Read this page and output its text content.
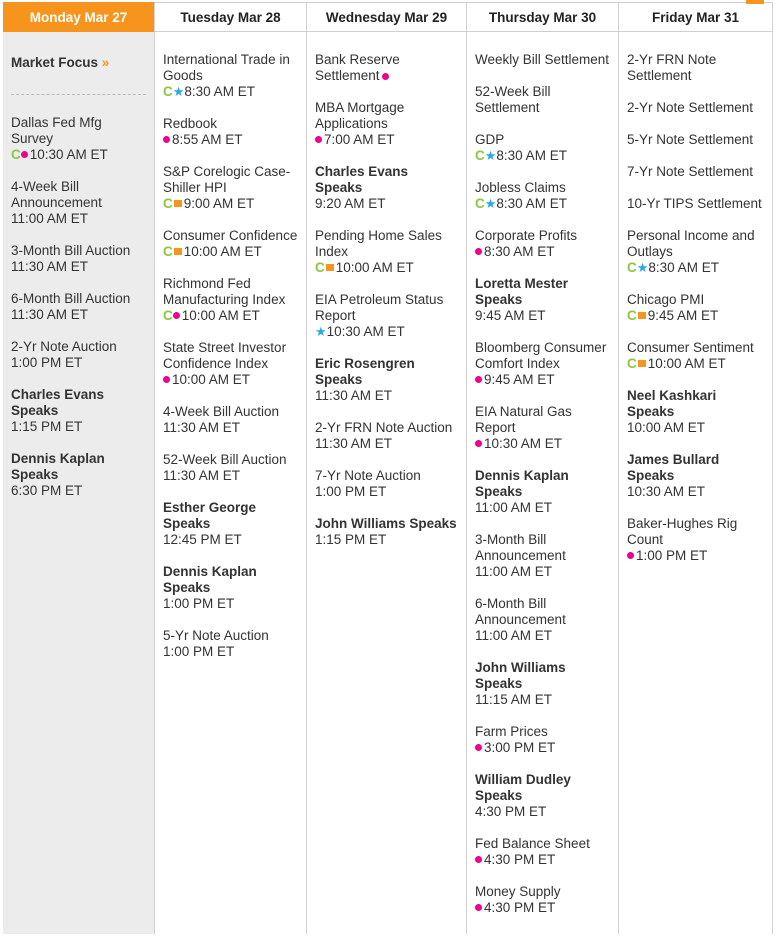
Monday Mar 27
Market Focus »
Dallas Fed Mfg Survey
C 10:30 AM ET
4-Week Bill Announcement
11:00 AM ET
3-Month Bill Auction
11:30 AM ET
6-Month Bill Auction
11:30 AM ET
2-Yr Note Auction
1:00 PM ET
Charles Evans Speaks
1:15 PM ET
Dennis Kaplan Speaks
6:30 PM ET
Tuesday Mar 28
International Trade in Goods
C★8:30 AM ET
Redbook
8:55 AM ET
S&P Corelogic Case-Shiller HPI
C 9:00 AM ET
Consumer Confidence
C 10:00 AM ET
Richmond Fed Manufacturing Index
C 10:00 AM ET
State Street Investor Confidence Index
10:00 AM ET
4-Week Bill Auction
11:30 AM ET
52-Week Bill Auction
11:30 AM ET
Esther George Speaks
12:45 PM ET
Dennis Kaplan Speaks
1:00 PM ET
5-Yr Note Auction
1:00 PM ET
Wednesday Mar 29
Bank Reserve Settlement
MBA Mortgage Applications
7:00 AM ET
Charles Evans Speaks
9:20 AM ET
Pending Home Sales Index
C 10:00 AM ET
EIA Petroleum Status Report
★10:30 AM ET
Eric Rosengren Speaks
11:30 AM ET
2-Yr FRN Note Auction
11:30 AM ET
7-Yr Note Auction
1:00 PM ET
John Williams Speaks
1:15 PM ET
Thursday Mar 30
Weekly Bill Settlement
52-Week Bill Settlement
GDP
C★8:30 AM ET
Jobless Claims
C★8:30 AM ET
Corporate Profits
8:30 AM ET
Loretta Mester Speaks
9:45 AM ET
Bloomberg Consumer Comfort Index
9:45 AM ET
EIA Natural Gas Report
10:30 AM ET
Dennis Kaplan Speaks
11:00 AM ET
3-Month Bill Announcement
11:00 AM ET
6-Month Bill Announcement
11:00 AM ET
John Williams Speaks
11:15 AM ET
Farm Prices
3:00 PM ET
William Dudley Speaks
4:30 PM ET
Fed Balance Sheet
4:30 PM ET
Money Supply
4:30 PM ET
Friday Mar 31
2-Yr FRN Note Settlement
2-Yr Note Settlement
5-Yr Note Settlement
7-Yr Note Settlement
10-Yr TIPS Settlement
Personal Income and Outlays
C★8:30 AM ET
Chicago PMI
C 9:45 AM ET
Consumer Sentiment
C 10:00 AM ET
Neel Kashkari Speaks
10:00 AM ET
James Bullard Speaks
10:30 AM ET
Baker-Hughes Rig Count
1:00 PM ET
